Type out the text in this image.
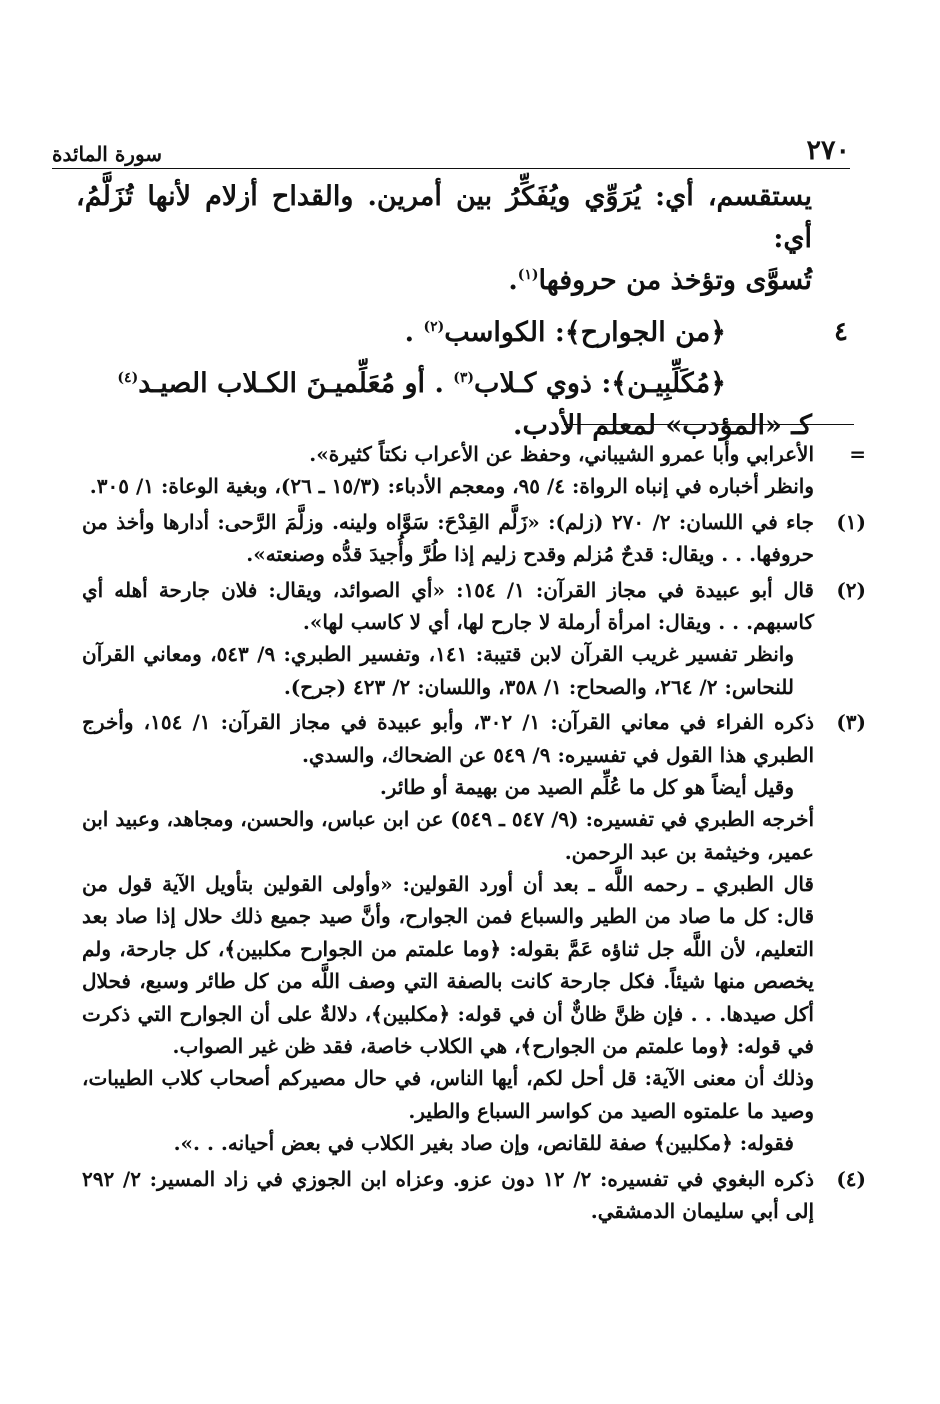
٢٧٠
سورة المائدة

يستقسم، أي: يُرَوِّي ويُفَكِّرُ بين أمرين. والقداح أزلام لأنها تُزَلَّمُ، أي:

تُسوَّى وتؤخذ من حروفها$^{(١)}$.

٤

﴿من الجوارح﴾: الكواسب$^{(٢)}$ .

﴿مُكَلِّبِيـن﴾: ذوي كـلاب$^{(٣)}$ . أو مُعَلِّميـنَ الكـلاب الصيـد$^{(٤)}$

كـ «المؤدب» لمعلم الأدب.

=

الأعرابي وأبا عمرو الشيباني، وحفظ عن الأعراب نكتاً كثيرة».

وانظر أخباره في إنباه الرواة: ٤/ ٩٥، ومعجم الأدباء: (١٥/٣ ـ ٢٦)، وبغية الوعاة: ١/ ٣٠٥.

(١)

جاء في اللسان: ٢/ ٢٧٠ (زلم): «زَلَّم القِدْحَ: سَوَّاه ولينه. وزلَّمَ الرَّحى: أدارها وأخذ من حروفها. . . ويقال: قدحٌ مُزلم وقدح زليم إذا طُرَّ وأُجيدَ قدُّه وصنعته».

(٢)

قال أبو عبيدة في مجاز القرآن: ١/ ١٥٤: «أي الصوائد، ويقال: فلان جارحة أهله أي كاسبهم. . . ويقال: امرأة أرملة لا جارح لها، أي لا كاسب لها».

وانظر تفسير غريب القرآن لابن قتيبة: ١٤١، وتفسير الطبري: ٩/ ٥٤٣، ومعاني القرآن للنحاس: ٢/ ٢٦٤، والصحاح: ١/ ٣٥٨، واللسان: ٢/ ٤٢٣ (جرح).

(٣)

ذكره الفراء في معاني القرآن: ١/ ٣٠٢، وأبو عبيدة في مجاز القرآن: ١/ ١٥٤، وأخرج الطبري هذا القول في تفسيره: ٩/ ٥٤٩ عن الضحاك، والسدي.

وقيل أيضاً هو كل ما عُلِّم الصيد من بهيمة أو طائر.

أخرجه الطبري في تفسيره: (٩/ ٥٤٧ ـ ٥٤٩) عن ابن عباس، والحسن، ومجاهد، وعبيد ابن عمير، وخيثمة بن عبد الرحمن.

قال الطبري ـ رحمه اللَّه ـ بعد أن أورد القولين: «وأولى القولين بتأويل الآية قول من قال: كل ما صاد من الطير والسباع فمن الجوارح، وأنَّ صيد جميع ذلك حلال إذا صاد بعد التعليم، لأن اللَّه جل ثناؤه عَمَّ بقوله: ﴿وما علمتم من الجوارح مكلبين﴾، كل جارحة، ولم يخصص منها شيئاً. فكل جارحة كانت بالصفة التي وصف اللَّه من كل طائر وسبع، فحلال أكل صيدها. . . فإن ظنَّ ظانٌّ أن في قوله: ﴿مكلبين﴾، دلالةٌ على أن الجوارح التي ذكرت في قوله: ﴿وما علمتم من الجوارح﴾، هي الكلاب خاصة، فقد ظن غير الصواب.

وذلك أن معنى الآية: قل أحل لكم، أيها الناس، في حال مصيركم أصحاب كلاب الطيبات، وصيد ما علمتوه الصيد من كواسر السباع والطير.

فقوله: ﴿مكلبين﴾ صفة للقانص، وإن صاد بغير الكلاب في بعض أحيانه. . .».

(٤)

ذكره البغوي في تفسيره: ٢/ ١٢ دون عزو. وعزاه ابن الجوزي في زاد المسير: ٢/ ٢٩٢ إلى أبي سليمان الدمشقي.
